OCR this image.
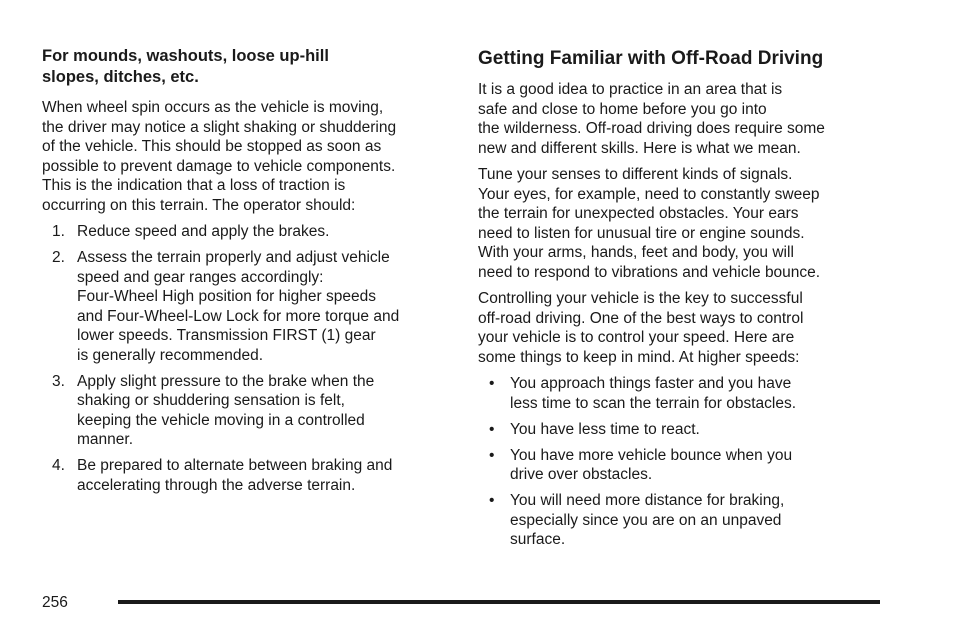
For mounds, washouts, loose up-hill
slopes, ditches, etc.
When wheel spin occurs as the vehicle is moving,
the driver may notice a slight shaking or shuddering
of the vehicle. This should be stopped as soon as
possible to prevent damage to vehicle components.
This is the indication that a loss of traction is
occurring on this terrain. The operator should:
1. Reduce speed and apply the brakes.
2. Assess the terrain properly and adjust vehicle
speed and gear ranges accordingly:
Four-Wheel High position for higher speeds
and Four-Wheel-Low Lock for more torque and
lower speeds. Transmission FIRST (1) gear
is generally recommended.
3. Apply slight pressure to the brake when the
shaking or shuddering sensation is felt,
keeping the vehicle moving in a controlled
manner.
4. Be prepared to alternate between braking and
accelerating through the adverse terrain.
Getting Familiar with Off-Road Driving
It is a good idea to practice in an area that is
safe and close to home before you go into
the wilderness. Off-road driving does require some
new and different skills. Here is what we mean.
Tune your senses to different kinds of signals.
Your eyes, for example, need to constantly sweep
the terrain for unexpected obstacles. Your ears
need to listen for unusual tire or engine sounds.
With your arms, hands, feet and body, you will
need to respond to vibrations and vehicle bounce.
Controlling your vehicle is the key to successful
off-road driving. One of the best ways to control
your vehicle is to control your speed. Here are
some things to keep in mind. At higher speeds:
• You approach things faster and you have
less time to scan the terrain for obstacles.
• You have less time to react.
• You have more vehicle bounce when you
drive over obstacles.
• You will need more distance for braking,
especially since you are on an unpaved
surface.
256
